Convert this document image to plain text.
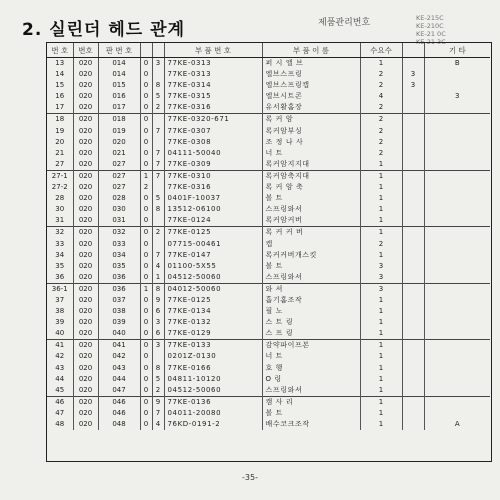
2. 실린더 헤드 관계	제품관리번호	KE-215C
KE-210C
KE-21 0C
KE-21 3C
번 호	번호	판 번 호			부 품 번 호	부 품 이 름	수요수		기 타
13	020	014	0	3	77KE-0313	퍼 시 엘 브	1		B
14	020	014	0		77KE-0313	엘브스프링	2	3	
15	020	015	0	8	77KE-0314	엘브스프링캡	2	3	
16	020	016	0	5	77KE-0315	엘브시트콘	4		3
17	020	017	0	2	77KE-0316	유서활홈장	2		
18	020	018	0		77KE-0320-671	록 커 암	2		
19	020	019	0	7	77KE-0307	록커암부싱	2		
20	020	020	0		77KE-0308	조 정 나 사	2		
21	020	021	0	7	04111-50040	너 트	2		
27	020	027	0	7	77KE-0309	록커암지지대	1		
27-1	020	027	1	7	77KE-0310	록커암축지대	1		
27-2	020	027	2		77KE-0316	록 커 암 축	1		
28	020	028	0	5	0401F-10037	볼 트	1		
30	020	030	0	8	13512-06100	스프링와셔	1		
31	020	031	0		77KE-0124	록커암커버	1		
32	020	032	0	2	77KE-0125	록 커 커 버	1		
33	020	033	0		07715-00461	캡	2		
34	020	034	0	7	77KE-0147	록커커버개스킷	1		
35	020	035	0	4	01100-5X55	볼 트	3		
36	020	036	0	1	04512-50060	스프링와셔	3		
36-1	020	036	1	8	04012-50060	와 셔	3		
37	020	037	0	9	77KE-0125	흡기홈조작	1		
38	020	038	0	6	77KE-0134	필 노	1		
39	020	039	0	3	77KE-0132	스 트 링	1		
40	020	040	0	6	77KE-0129	스 프 링	1		
41	020	041	0	3	77KE-0133	감약파이프본	1		
42	020	042	0		0201Z-0130	너 트	1		
43	020	043	0	8	77KE-0166	호 행	1		
44	020	044	0	5	04811-10120	O 링	1		
45	020	047	0	2	04512-50060	스프링와셔	1		
46	020	046	0	9	77KE-0136	캠 사 리	1		
47	020	046	0	7	04011-20080	볼 트	1		
48	020	048	0	4	76KD-0191-2	배수코크조작	1		A
-35-
